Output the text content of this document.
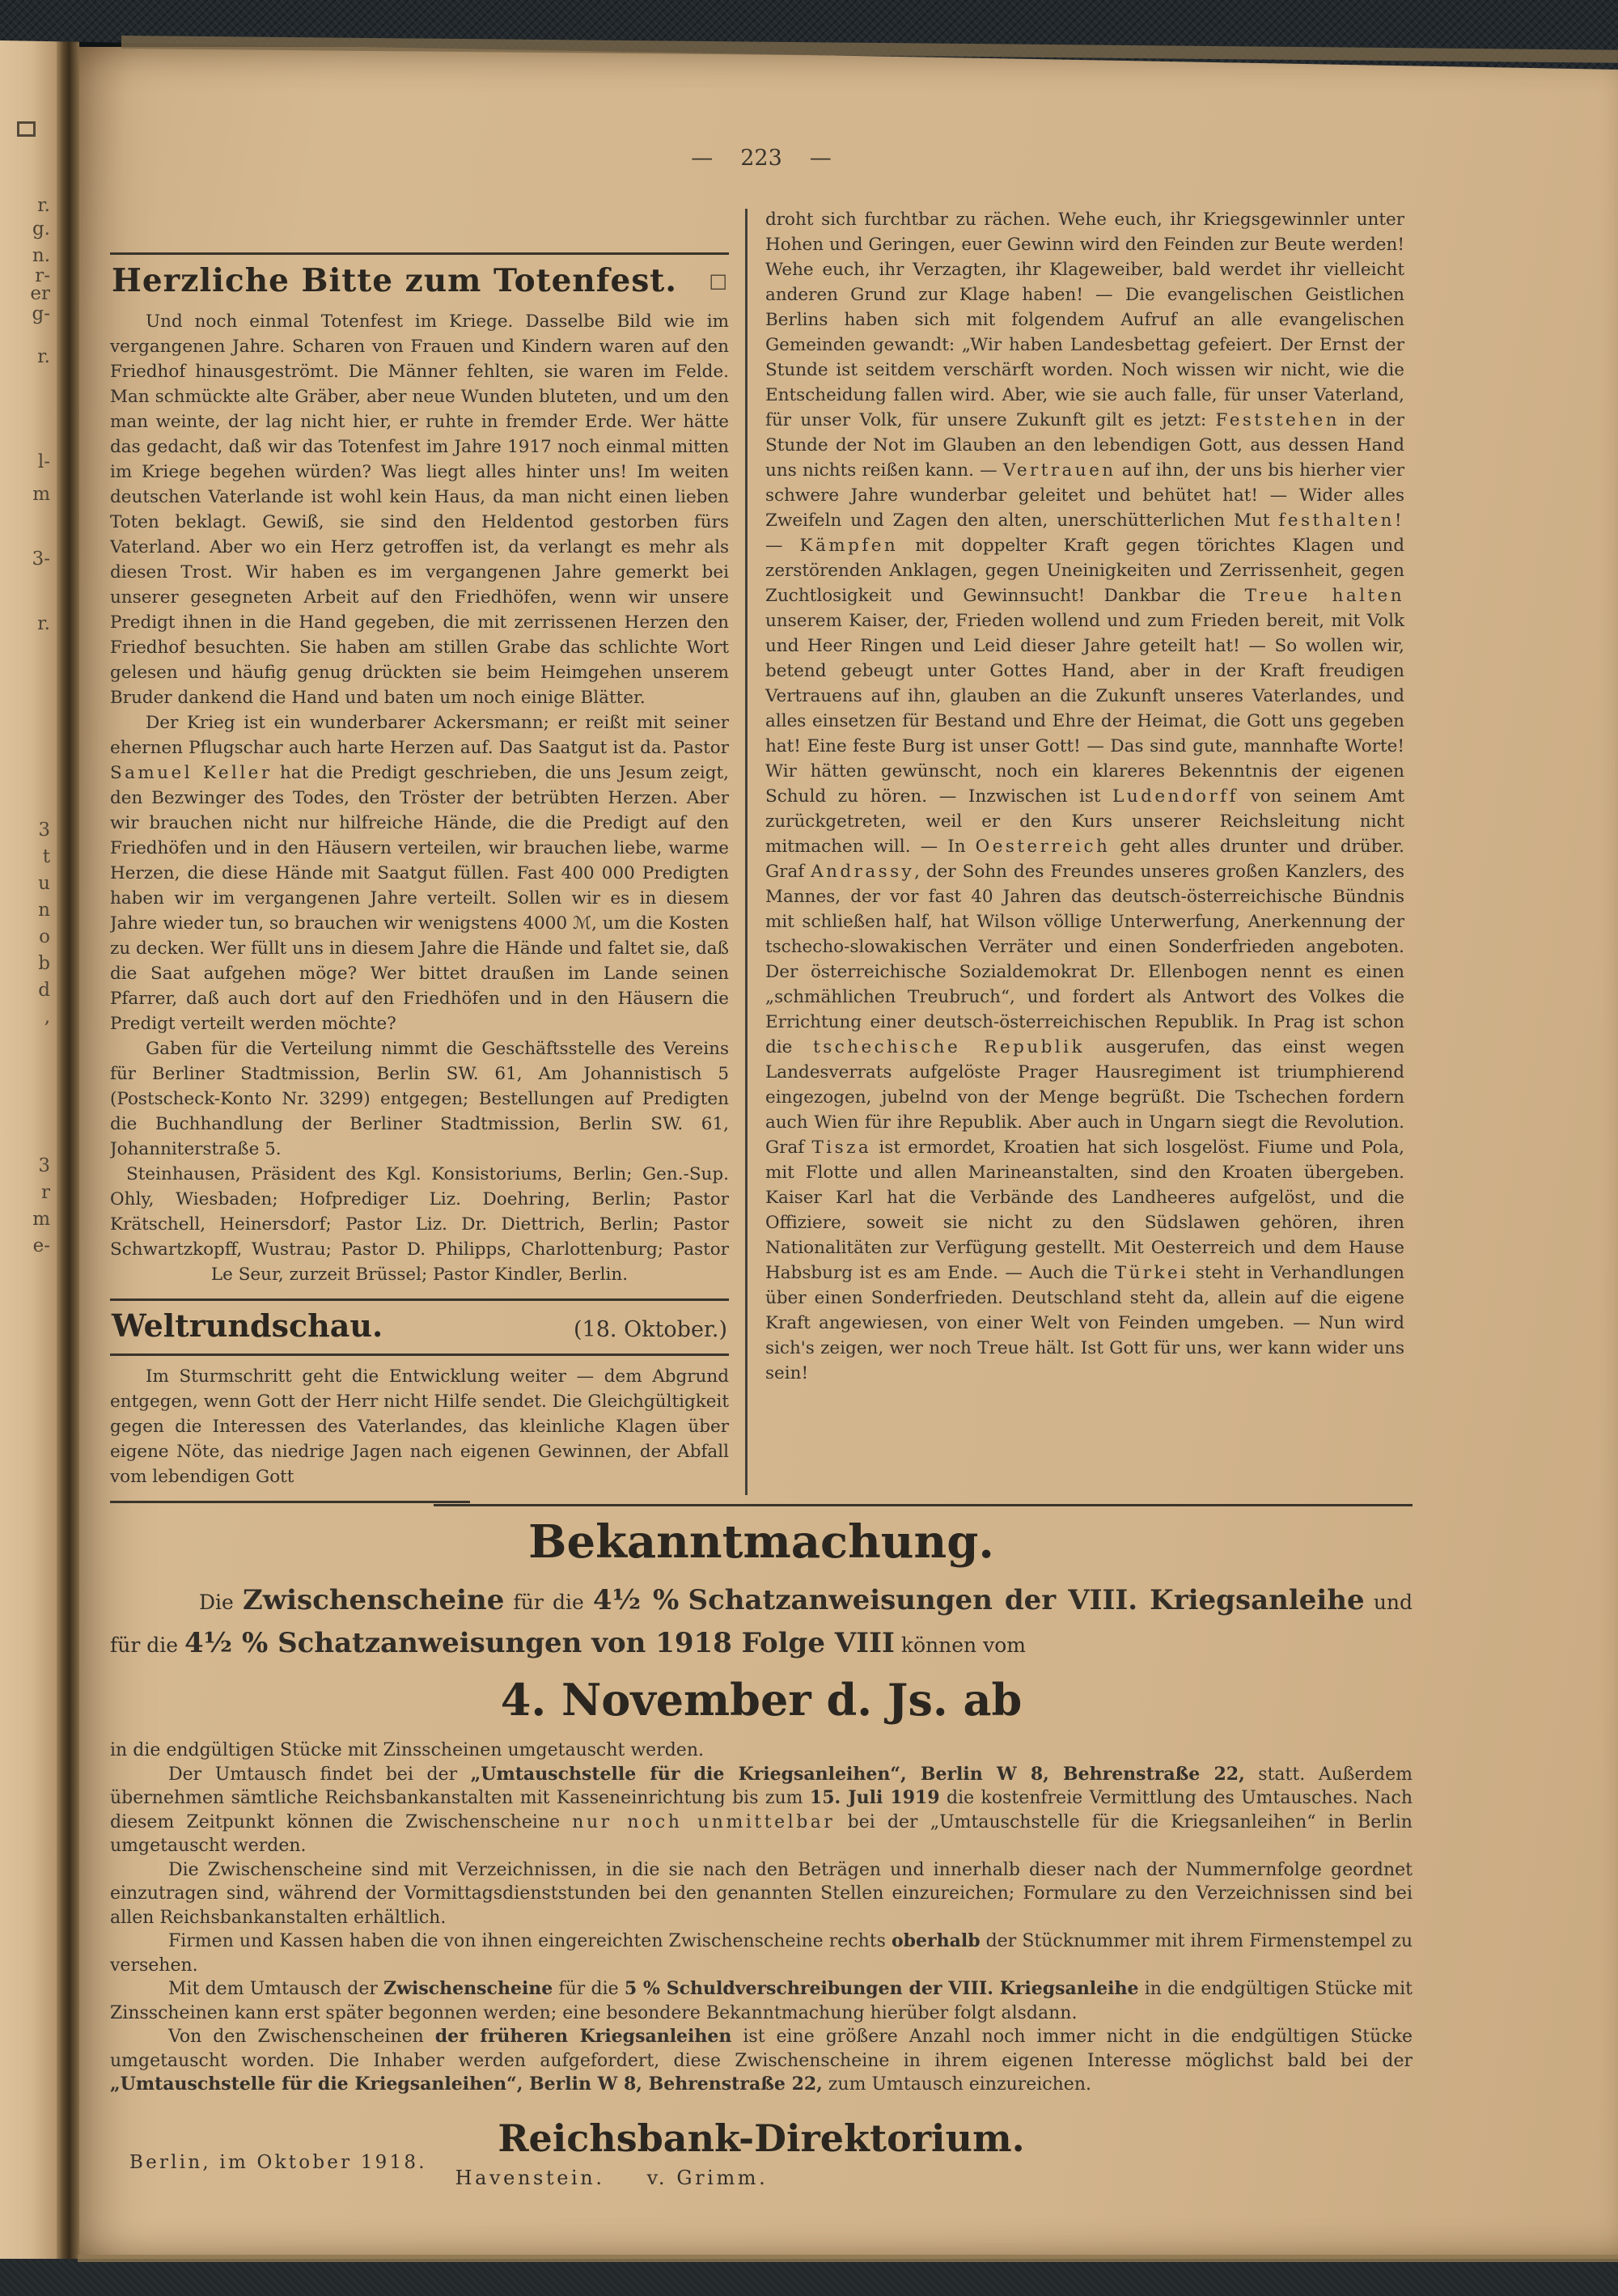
r.
g.
n.
r-
er
g-
r.
l-
m
3-
r.
3
t
u
n
o
b
d
,
3
r
m
e-
— 223 —
Herzliche Bitte zum Totenfest. □

Und noch einmal Totenfest im Kriege. Dasselbe Bild wie im vergangenen Jahre. Scharen von Frauen und Kindern waren auf den Friedhof hinausgeströmt. Die Männer fehlten, sie waren im Felde. Man schmückte alte Gräber, aber neue Wunden bluteten, und um den man weinte, der lag nicht hier, er ruhte in fremder Erde. Wer hätte das gedacht, daß wir das Totenfest im Jahre 1917 noch einmal mitten im Kriege begehen würden? Was liegt alles hinter uns! Im weiten deutschen Vaterlande ist wohl kein Haus, da man nicht einen lieben Toten beklagt. Gewiß, sie sind den Heldentod gestorben fürs Vaterland. Aber wo ein Herz getroffen ist, da verlangt es mehr als diesen Trost. Wir haben es im vergangenen Jahre gemerkt bei unserer gesegneten Arbeit auf den Friedhöfen, wenn wir unsere Predigt ihnen in die Hand gegeben, die mit zerrissenen Herzen den Friedhof besuchten. Sie haben am stillen Grabe das schlichte Wort gelesen und häufig genug drückten sie beim Heimgehen unserem Bruder dankend die Hand und baten um noch einige Blätter.

Der Krieg ist ein wunderbarer Ackersmann; er reißt mit seiner ehernen Pflugschar auch harte Herzen auf. Das Saatgut ist da. Pastor Samuel Keller hat die Predigt geschrieben, die uns Jesum zeigt, den Bezwinger des Todes, den Tröster der betrübten Herzen. Aber wir brauchen nicht nur hilfreiche Hände, die die Predigt auf den Friedhöfen und in den Häusern verteilen, wir brauchen liebe, warme Herzen, die diese Hände mit Saatgut füllen. Fast 400 000 Predigten haben wir im vergangenen Jahre verteilt. Sollen wir es in diesem Jahre wieder tun, so brauchen wir wenigstens 4000 ℳ, um die Kosten zu decken. Wer füllt uns in diesem Jahre die Hände und faltet sie, daß die Saat aufgehen möge? Wer bittet draußen im Lande seinen Pfarrer, daß auch dort auf den Friedhöfen und in den Häusern die Predigt verteilt werden möchte?

Gaben für die Verteilung nimmt die Geschäftsstelle des Vereins für Berliner Stadtmission, Berlin SW. 61, Am Johannistisch 5 (Postscheck-Konto Nr. 3299) entgegen; Bestellungen auf Predigten die Buchhandlung der Berliner Stadtmission, Berlin SW. 61, Johanniterstraße 5.

Steinhausen, Präsident des Kgl. Konsistoriums, Berlin; Gen.-Sup. Ohly, Wiesbaden; Hofprediger Liz. Doehring, Berlin; Pastor Krätschell, Heinersdorf; Pastor Liz. Dr. Diettrich, Berlin; Pastor Schwartzkopff, Wustrau; Pastor D. Philipps, Charlottenburg; Pastor Le Seur, zurzeit Brüssel; Pastor Kindler, Berlin.

Weltrundschau.	(18. Oktober.)

Im Sturmschritt geht die Entwicklung weiter — dem Abgrund entgegen, wenn Gott der Herr nicht Hilfe sendet. Die Gleichgültigkeit gegen die Interessen des Vaterlandes, das kleinliche Klagen über eigene Nöte, das niedrige Jagen nach eigenen Gewinnen, der Abfall vom lebendigen Gott

droht sich furchtbar zu rächen. Wehe euch, ihr Kriegsgewinnler unter Hohen und Geringen, euer Gewinn wird den Feinden zur Beute werden! Wehe euch, ihr Verzagten, ihr Klageweiber, bald werdet ihr vielleicht anderen Grund zur Klage haben! — Die evangelischen Geistlichen Berlins haben sich mit folgendem Aufruf an alle evangelischen Gemeinden gewandt: „Wir haben Landesbettag gefeiert. Der Ernst der Stunde ist seitdem verschärft worden. Noch wissen wir nicht, wie die Entscheidung fallen wird. Aber, wie sie auch falle, für unser Vaterland, für unser Volk, für unsere Zukunft gilt es jetzt: Feststehen in der Stunde der Not im Glauben an den lebendigen Gott, aus dessen Hand uns nichts reißen kann. — Vertrauen auf ihn, der uns bis hierher vier schwere Jahre wunderbar geleitet und behütet hat! — Wider alles Zweifeln und Zagen den alten, unerschütterlichen Mut festhalten! — Kämpfen mit doppelter Kraft gegen törichtes Klagen und zerstörenden Anklagen, gegen Uneinigkeiten und Zerrissenheit, gegen Zuchtlosigkeit und Gewinnsucht! Dankbar die Treue halten unserem Kaiser, der, Frieden wollend und zum Frieden bereit, mit Volk und Heer Ringen und Leid dieser Jahre geteilt hat! — So wollen wir, betend gebeugt unter Gottes Hand, aber in der Kraft freudigen Vertrauens auf ihn, glauben an die Zukunft unseres Vaterlandes, und alles einsetzen für Bestand und Ehre der Heimat, die Gott uns gegeben hat! Eine feste Burg ist unser Gott! — Das sind gute, mannhafte Worte! Wir hätten gewünscht, noch ein klareres Bekenntnis der eigenen Schuld zu hören. — Inzwischen ist Ludendorff von seinem Amt zurückgetreten, weil er den Kurs unserer Reichsleitung nicht mitmachen will. — In Oesterreich geht alles drunter und drüber. Graf Andrassy, der Sohn des Freundes unseres großen Kanzlers, des Mannes, der vor fast 40 Jahren das deutsch-österreichische Bündnis mit schließen half, hat Wilson völlige Unterwerfung, Anerkennung der tschecho-slowakischen Verräter und einen Sonderfrieden angeboten. Der österreichische Sozialdemokrat Dr. Ellenbogen nennt es einen „schmählichen Treubruch“, und fordert als Antwort des Volkes die Errichtung einer deutsch-österreichischen Republik. In Prag ist schon die tschechische Republik ausgerufen, das einst wegen Landesverrats aufgelöste Prager Hausregiment ist triumphierend eingezogen, jubelnd von der Menge begrüßt. Die Tschechen fordern auch Wien für ihre Republik. Aber auch in Ungarn siegt die Revolution. Graf Tisza ist ermordet, Kroatien hat sich losgelöst. Fiume und Pola, mit Flotte und allen Marineanstalten, sind den Kroaten übergeben. Kaiser Karl hat die Verbände des Landheeres aufgelöst, und die Offiziere, soweit sie nicht zu den Südslawen gehören, ihren Nationalitäten zur Verfügung gestellt. Mit Oesterreich und dem Hause Habsburg ist es am Ende. — Auch die Türkei steht in Verhandlungen über einen Sonderfrieden. Deutschland steht da, allein auf die eigene Kraft angewiesen, von einer Welt von Feinden umgeben. — Nun wird sich's zeigen, wer noch Treue hält. Ist Gott für uns, wer kann wider uns sein!

Bekanntmachung.

Die Zwischenscheine für die 4½ % Schatzanweisungen der VIII. Kriegsanleihe und für die 4½ % Schatzanweisungen von 1918 Folge VIII können vom

4. November d. Js. ab

in die endgültigen Stücke mit Zinsscheinen umgetauscht werden.

Der Umtausch findet bei der „Umtauschstelle für die Kriegsanleihen“, Berlin W 8, Behrenstraße 22, statt. Außerdem übernehmen sämtliche Reichsbankanstalten mit Kasseneinrichtung bis zum 15. Juli 1919 die kostenfreie Vermittlung des Umtausches. Nach diesem Zeitpunkt können die Zwischenscheine nur noch unmittelbar bei der „Umtauschstelle für die Kriegsanleihen“ in Berlin umgetauscht werden.

Die Zwischenscheine sind mit Verzeichnissen, in die sie nach den Beträgen und innerhalb dieser nach der Nummernfolge geordnet einzutragen sind, während der Vormittagsdienststunden bei den genannten Stellen einzureichen; Formulare zu den Verzeichnissen sind bei allen Reichsbankanstalten erhältlich.

Firmen und Kassen haben die von ihnen eingereichten Zwischenscheine rechts oberhalb der Stücknummer mit ihrem Firmenstempel zu versehen.

Mit dem Umtausch der Zwischenscheine für die 5 % Schuldverschreibungen der VIII. Kriegsanleihe in die endgültigen Stücke mit Zinsscheinen kann erst später begonnen werden; eine besondere Bekanntmachung hierüber folgt alsdann.

Von den Zwischenscheinen der früheren Kriegsanleihen ist eine größere Anzahl noch immer nicht in die endgültigen Stücke umgetauscht worden. Die Inhaber werden aufgefordert, diese Zwischenscheine in ihrem eigenen Interesse möglichst bald bei der „Umtauschstelle für die Kriegsanleihen“, Berlin W 8, Behrenstraße 22, zum Umtausch einzureichen.

Berlin, im Oktober 1918.
Reichsbank-Direktorium.
Havenstein. v. Grimm.
